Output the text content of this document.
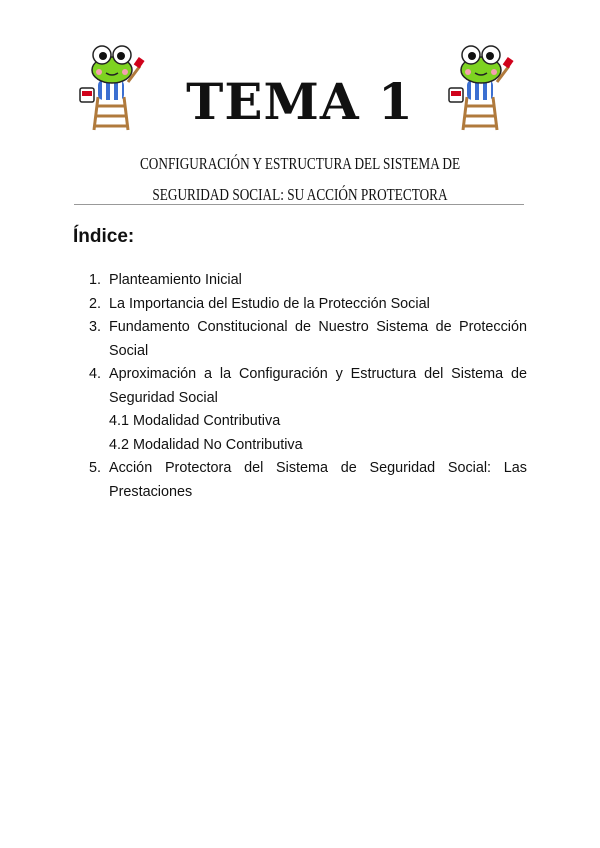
TEMA 1
CONFIGURACIÓN Y ESTRUCTURA DEL SISTEMA DE SEGURIDAD SOCIAL: SU ACCIÓN PROTECTORA
Índice:
1. Planteamiento Inicial
2. La Importancia del Estudio de la Protección Social
3. Fundamento Constitucional de Nuestro Sistema de Protección Social
4. Aproximación a la Configuración y Estructura del Sistema de Seguridad Social
4.1 Modalidad Contributiva
4.2 Modalidad No Contributiva
5. Acción Protectora del Sistema de Seguridad Social: Las Prestaciones
